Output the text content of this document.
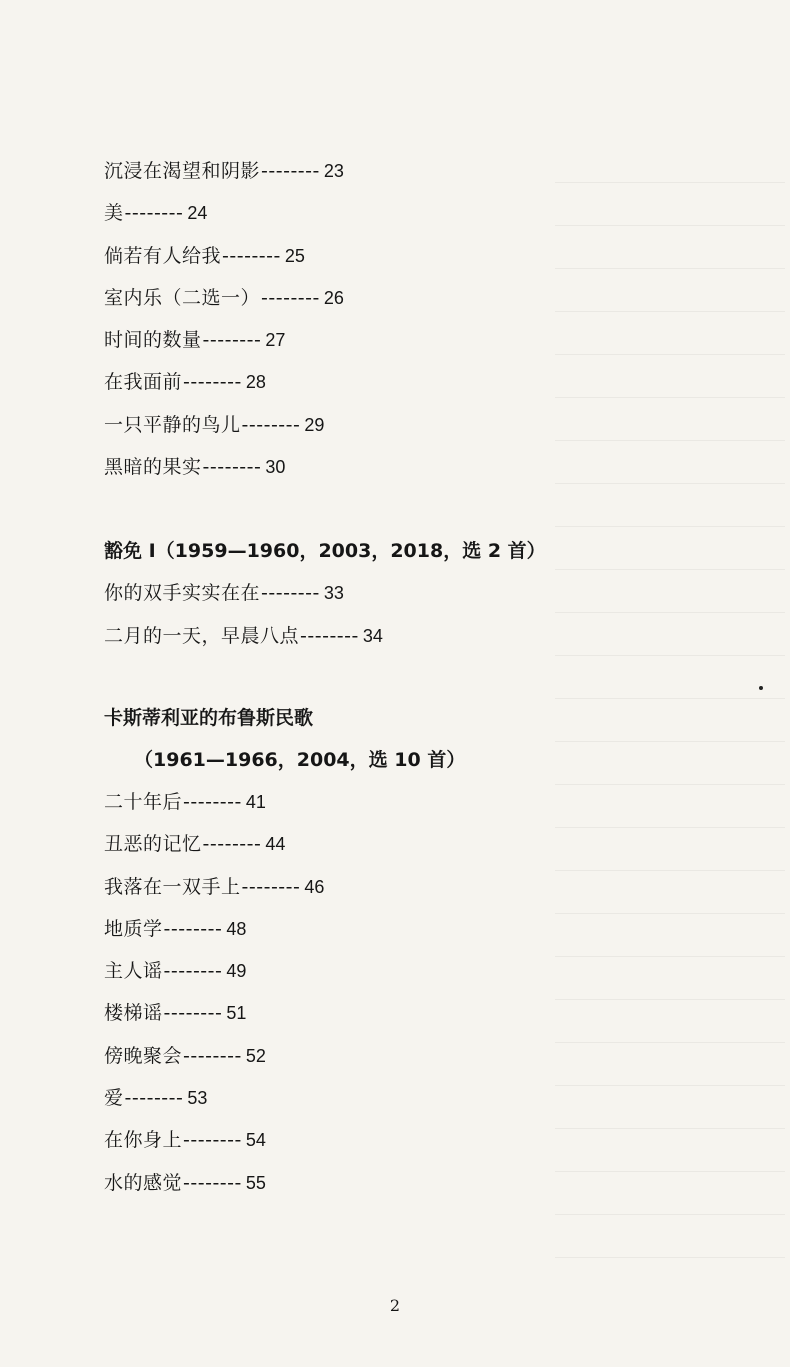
沉浸在渴望和阴影-------- 23
美-------- 24
倘若有人给我-------- 25
室内乐（二选一）-------- 26
时间的数量-------- 27
在我面前-------- 28
一只平静的鸟儿-------- 29
黑暗的果实-------- 30
豁免 I（1959—1960，2003，2018，选 2 首）
你的双手实实在在-------- 33
二月的一天，早晨八点-------- 34
卡斯蒂利亚的布鲁斯民歌
（1961—1966，2004，选 10 首）
二十年后-------- 41
丑恶的记忆-------- 44
我落在一双手上-------- 46
地质学-------- 48
主人谣-------- 49
楼梯谣-------- 51
傍晚聚会-------- 52
爱-------- 53
在你身上-------- 54
水的感觉-------- 55
2
